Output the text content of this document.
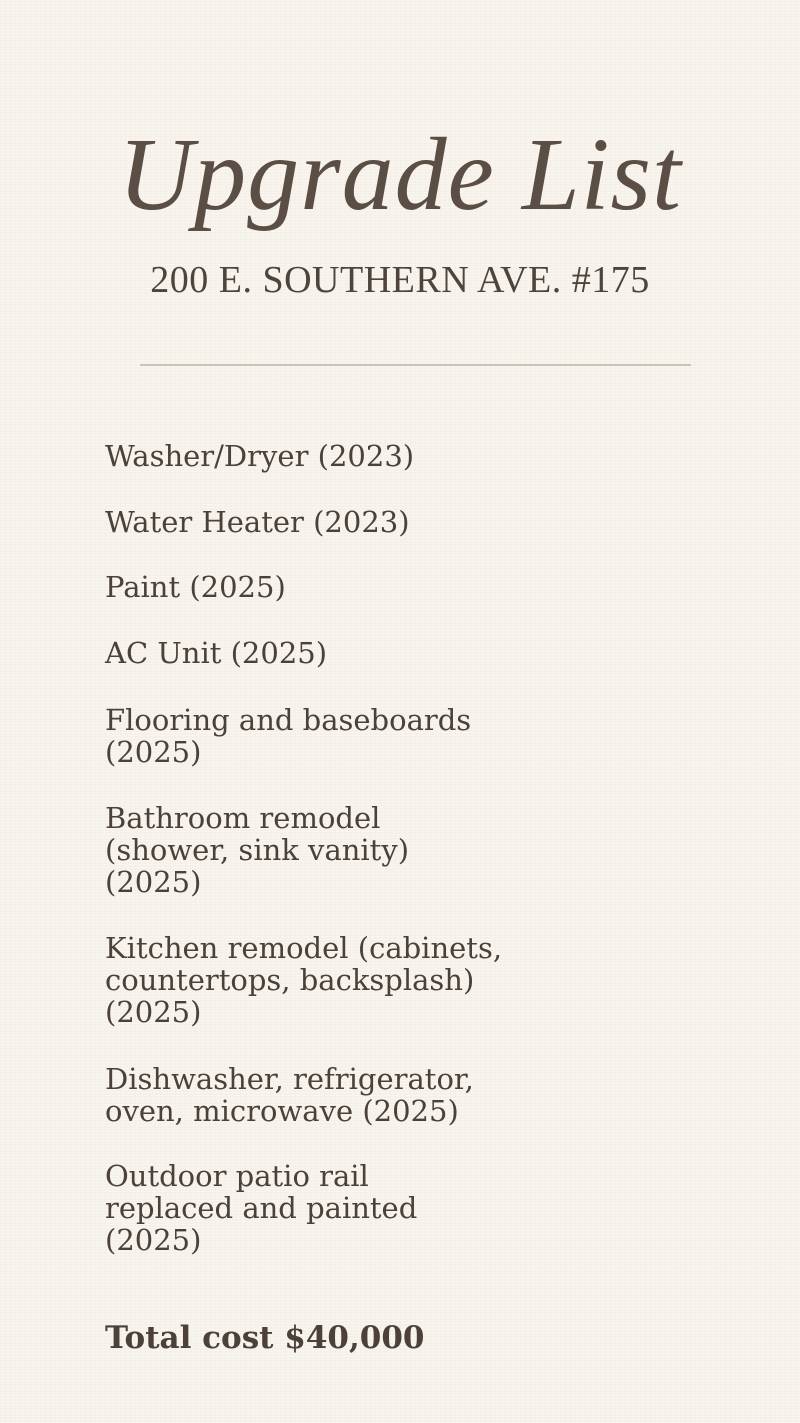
Upgrade List
200 E. SOUTHERN AVE. #175
Washer/Dryer (2023)
Water Heater (2023)
Paint (2025)
AC Unit (2025)
Flooring and baseboards
(2025)
Bathroom remodel
(shower, sink vanity)
(2025)
Kitchen remodel (cabinets,
countertops, backsplash)
(2025)
Dishwasher, refrigerator,
oven, microwave (2025)
Outdoor patio rail
replaced and painted
(2025)
Total cost $40,000
